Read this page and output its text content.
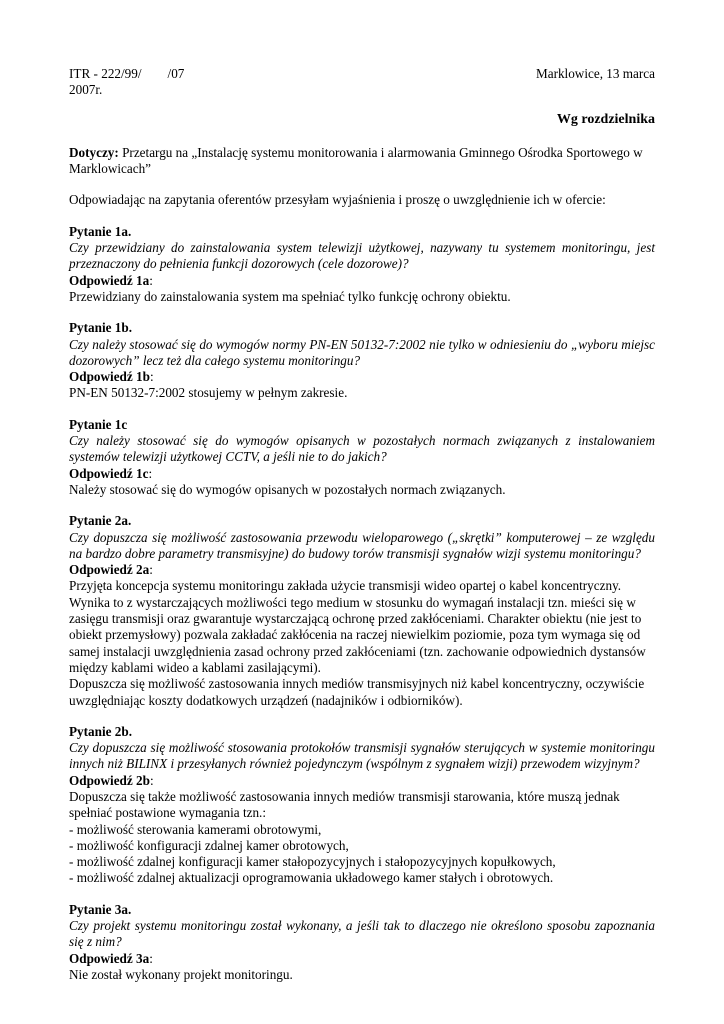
ITR - 222/99/ /07	Marklowice, 13 marca

2007r.

Wg rozdzielnika

Dotyczy: Przetargu na „Instalację systemu monitorowania i alarmowania Gminnego Ośrodka Sportowego w Marklowicach”

Odpowiadając na zapytania oferentów przesyłam wyjaśnienia i proszę o uwzględnienie ich w ofercie:

Pytanie 1a.

Czy przewidziany do zainstalowania system telewizji użytkowej, nazywany tu systemem monitoringu, jest przeznaczony do pełnienia funkcji dozorowych (cele dozorowe)?

Odpowiedź 1a:

Przewidziany do zainstalowania system ma spełniać tylko funkcję ochrony obiektu.

Pytanie 1b.

Czy należy stosować się do wymogów normy PN-EN 50132-7:2002 nie tylko w odniesieniu do „wyboru miejsc dozorowych” lecz też dla całego systemu monitoringu?

Odpowiedź 1b:

PN-EN 50132-7:2002 stosujemy w pełnym zakresie.

Pytanie 1c

Czy należy stosować się do wymogów opisanych w pozostałych normach związanych z instalowaniem systemów telewizji użytkowej CCTV, a jeśli nie to do jakich?

Odpowiedź 1c:

Należy stosować się do wymogów opisanych w pozostałych normach związanych.

Pytanie 2a.

Czy dopuszcza się możliwość zastosowania przewodu wieloparowego („skrętki” komputerowej – ze względu na bardzo dobre parametry transmisyjne) do budowy torów transmisji sygnałów wizji systemu monitoringu?

Odpowiedź 2a:

Przyjęta koncepcja systemu monitoringu zakłada użycie transmisji wideo opartej o kabel koncentryczny. Wynika to z wystarczających możliwości tego medium w stosunku do wymagań instalacji tzn. mieści się w zasięgu transmisji oraz gwarantuje wystarczającą ochronę przed zakłóceniami. Charakter obiektu (nie jest to obiekt przemysłowy) pozwala zakładać zakłócenia na raczej niewielkim poziomie, poza tym wymaga się od samej instalacji uwzględnienia zasad ochrony przed zakłóceniami (tzn. zachowanie odpowiednich dystansów między kablami wideo a kablami zasilającymi).

Dopuszcza się możliwość zastosowania innych mediów transmisyjnych niż kabel koncentryczny, oczywiście uwzględniając koszty dodatkowych urządzeń (nadajników i odbiorników).

Pytanie 2b.

Czy dopuszcza się możliwość stosowania protokołów transmisji sygnałów sterujących w systemie monitoringu innych niż BILINX i przesyłanych również pojedynczym (wspólnym z sygnałem wizji) przewodem wizyjnym?

Odpowiedź 2b:

Dopuszcza się także możliwość zastosowania innych mediów transmisji starowania, które muszą jednak spełniać postawione wymagania tzn.:

- możliwość sterowania kamerami obrotowymi,

- możliwość konfiguracji zdalnej kamer obrotowych,

- możliwość zdalnej konfiguracji kamer stałopozycyjnych i stałopozycyjnych kopułkowych,

- możliwość zdalnej aktualizacji oprogramowania układowego kamer stałych i obrotowych.

Pytanie 3a.

Czy projekt systemu monitoringu został wykonany, a jeśli tak to dlaczego nie określono sposobu zapoznania się z nim?

Odpowiedź 3a:

Nie został wykonany projekt monitoringu.
